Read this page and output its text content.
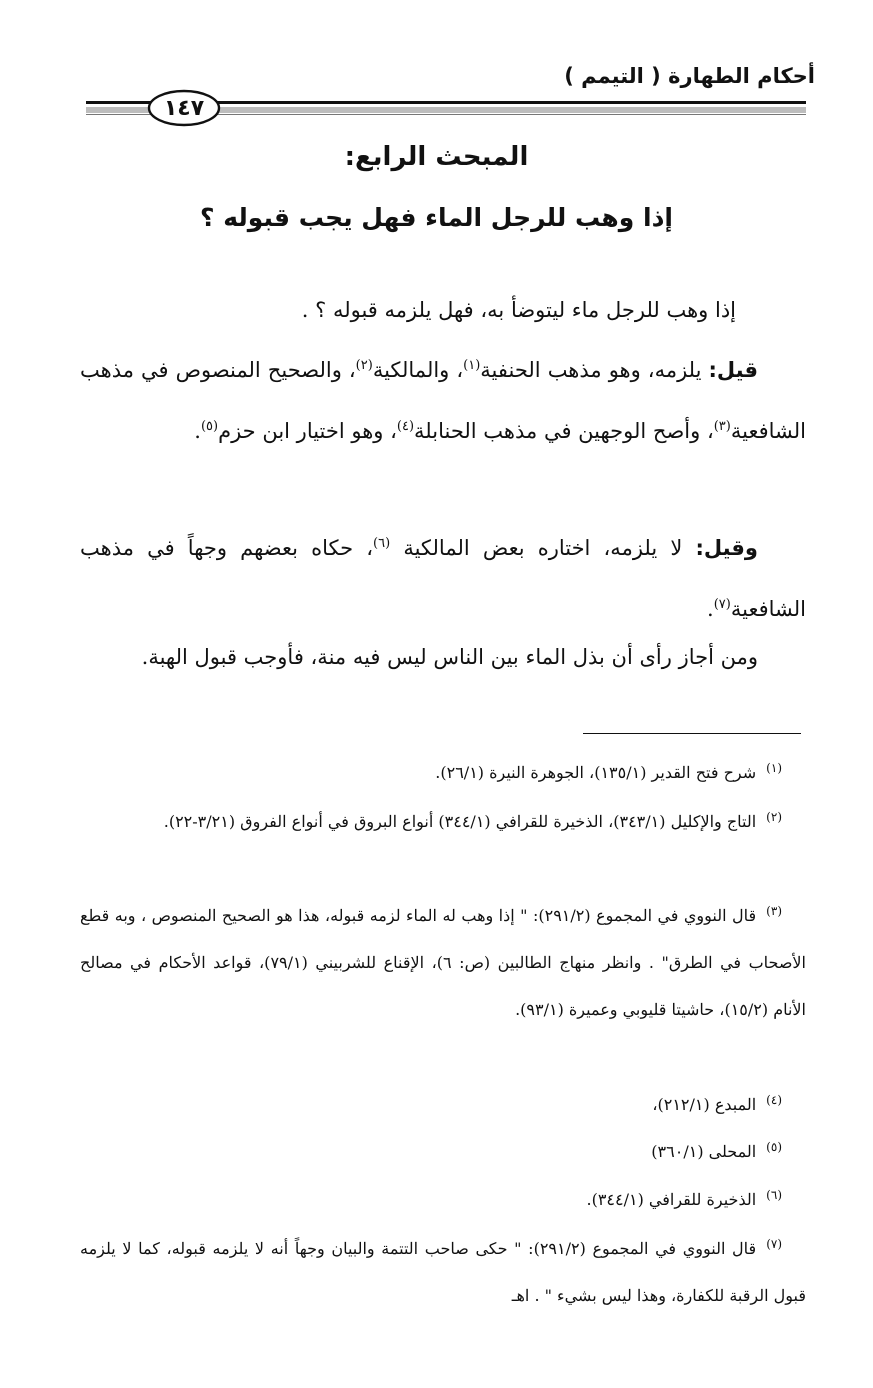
أحكام الطهارة ( التيمم )
١٤٧
المبحث الرابع:
إذا وهب للرجل الماء فهل يجب قبوله ؟
إذا وهب للرجل ماء ليتوضأ به، فهل يلزمه قبوله ؟ .
قيل: يلزمه، وهو مذهب الحنفية$^{(١)}$، والمالكية$^{(٢)}$، والصحيح المنصوص في مذهب الشافعية$^{(٣)}$، وأصح الوجهين في مذهب الحنابلة$^{(٤)}$، وهو اختيار ابن حزم$^{(٥)}$.
وقيل: لا يلزمه، اختاره بعض المالكية $^{(٦)}$، حكاه بعضهم وجهاً في مذهب الشافعية$^{(٧)}$.
ومن أجاز رأى أن بذل الماء بين الناس ليس فيه منة، فأوجب قبول الهبة.
$^{(١)}$شرح فتح القدير (١٣٥/١)، الجوهرة النيرة (٢٦/١).
$^{(٢)}$التاج والإكليل (٣٤٣/١)، الذخيرة للقرافي (٣٤٤/١) أنواع البروق في أنواع الفروق (٣/٢١-٢٢).
$^{(٣)}$قال النووي في المجموع (٢٩١/٢): " إذا وهب له الماء لزمه قبوله، هذا هو الصحيح المنصوص ، وبه قطع الأصحاب في الطرق" . وانظر منهاج الطالبين (ص: ٦)، الإقناع للشربيني (٧٩/١)، قواعد الأحكام في مصالح الأنام (١٥/٢)، حاشيتا قليوبي وعميرة (٩٣/١).
$^{(٤)}$المبدع (٢١٢/١)،
$^{(٥)}$المحلى (٣٦٠/١)
$^{(٦)}$الذخيرة للقرافي (٣٤٤/١).
$^{(٧)}$قال النووي في المجموع (٢٩١/٢): " حكى صاحب التتمة والبيان وجهاً أنه لا يلزمه قبوله، كما لا يلزمه قبول الرقبة للكفارة، وهذا ليس بشيء " . اهـ
